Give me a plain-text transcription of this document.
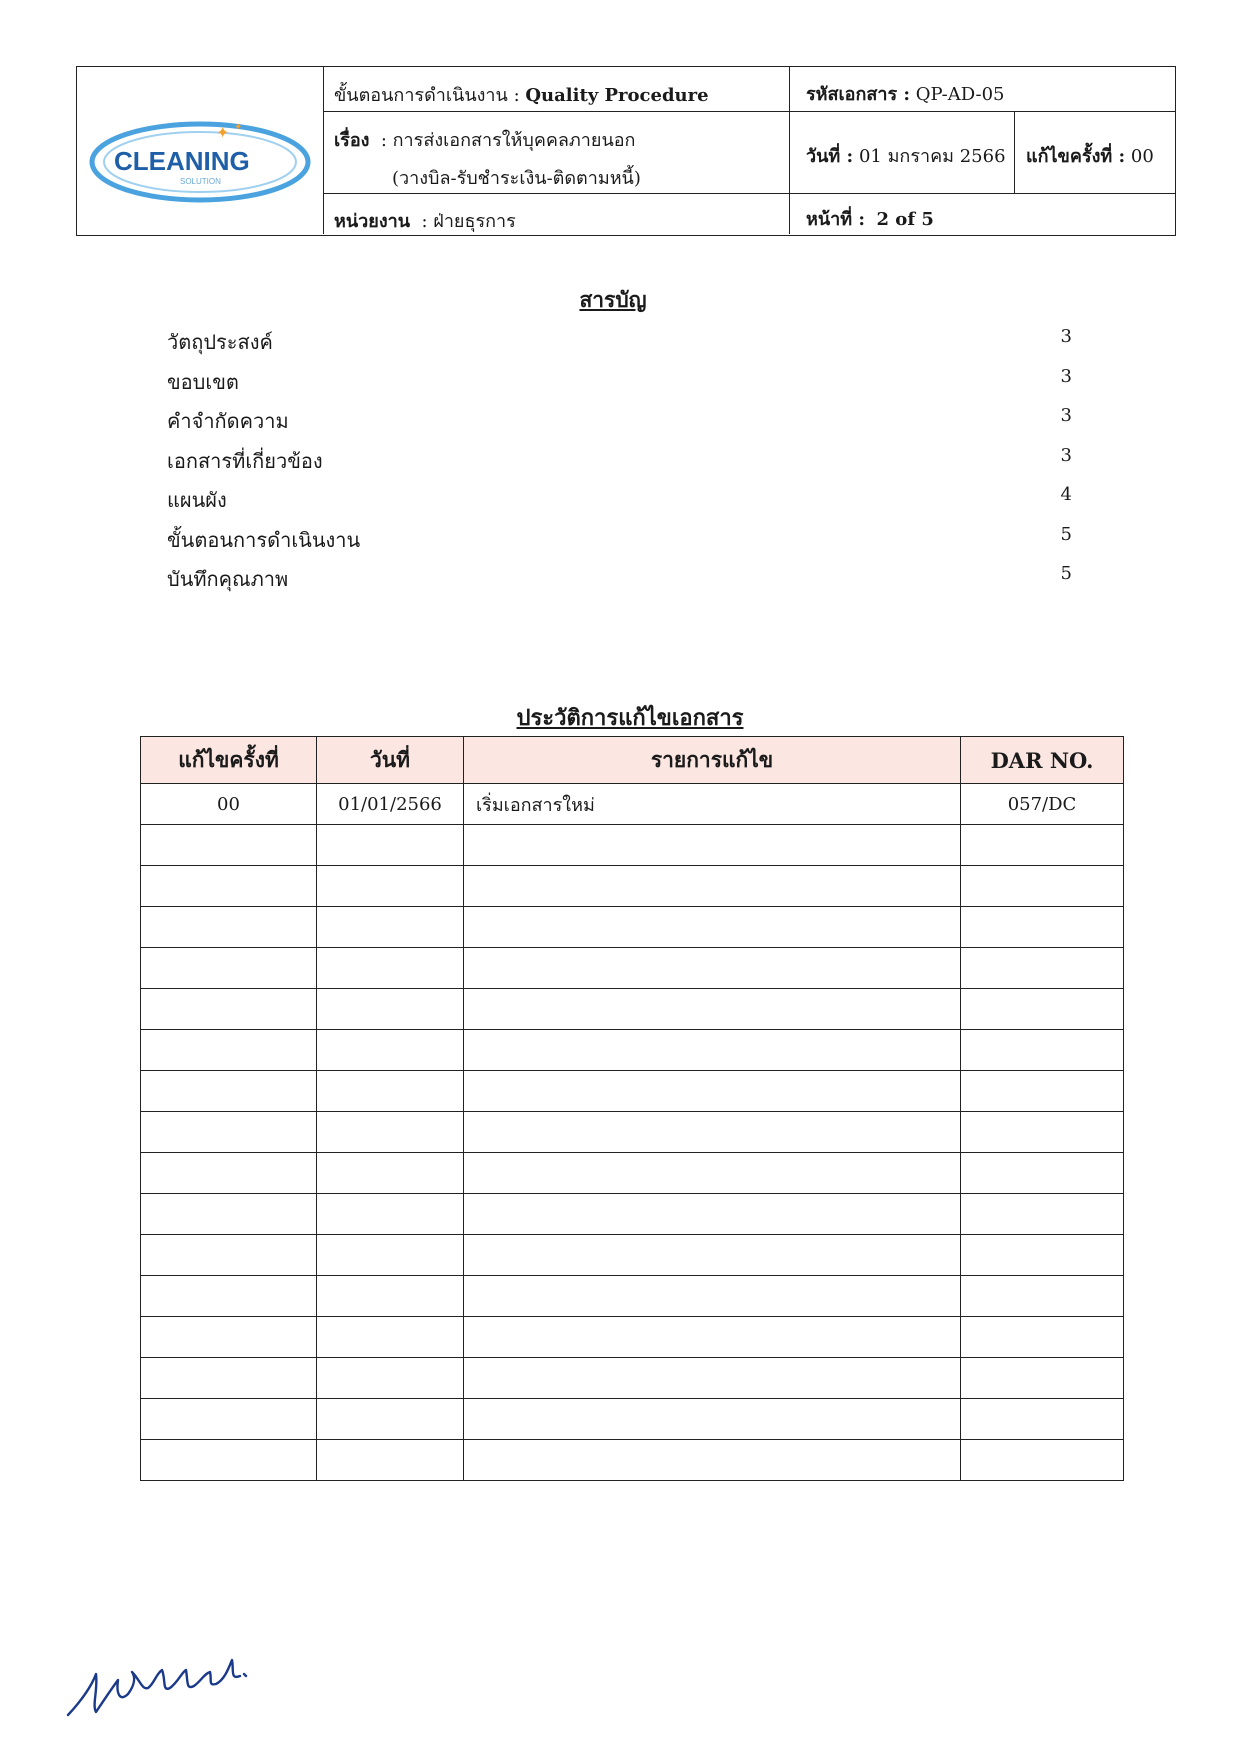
CLEANING
SOLUTION
✦ ✦
ขั้นตอนการดำเนินงาน : Quality Procedure	รหัสเอกสาร : QP-AD-05
เรื่อง : การส่งเอกสารให้บุคคลภายนอก
(วางบิล-รับชำระเงิน-ติดตามหนี้)
วันที่ : 01 มกราคม 2566 แก้ไขครั้งที่ : 00
หน่วยงาน : ฝ่ายธุรการ	หน้าที่ : 2 of 5
สารบัญ
วัตถุประสงค์	3
ขอบเขต	3
คำจำกัดความ	3
เอกสารที่เกี่ยวข้อง	3
แผนผัง	4
ขั้นตอนการดำเนินงาน	5
บันทึกคุณภาพ	5
ประวัติการแก้ไขเอกสาร
แก้ไขครั้งที่	วันที่	รายการแก้ไข	DAR NO.
00	01/01/2566	เริ่มเอกสารใหม่	057/DC
